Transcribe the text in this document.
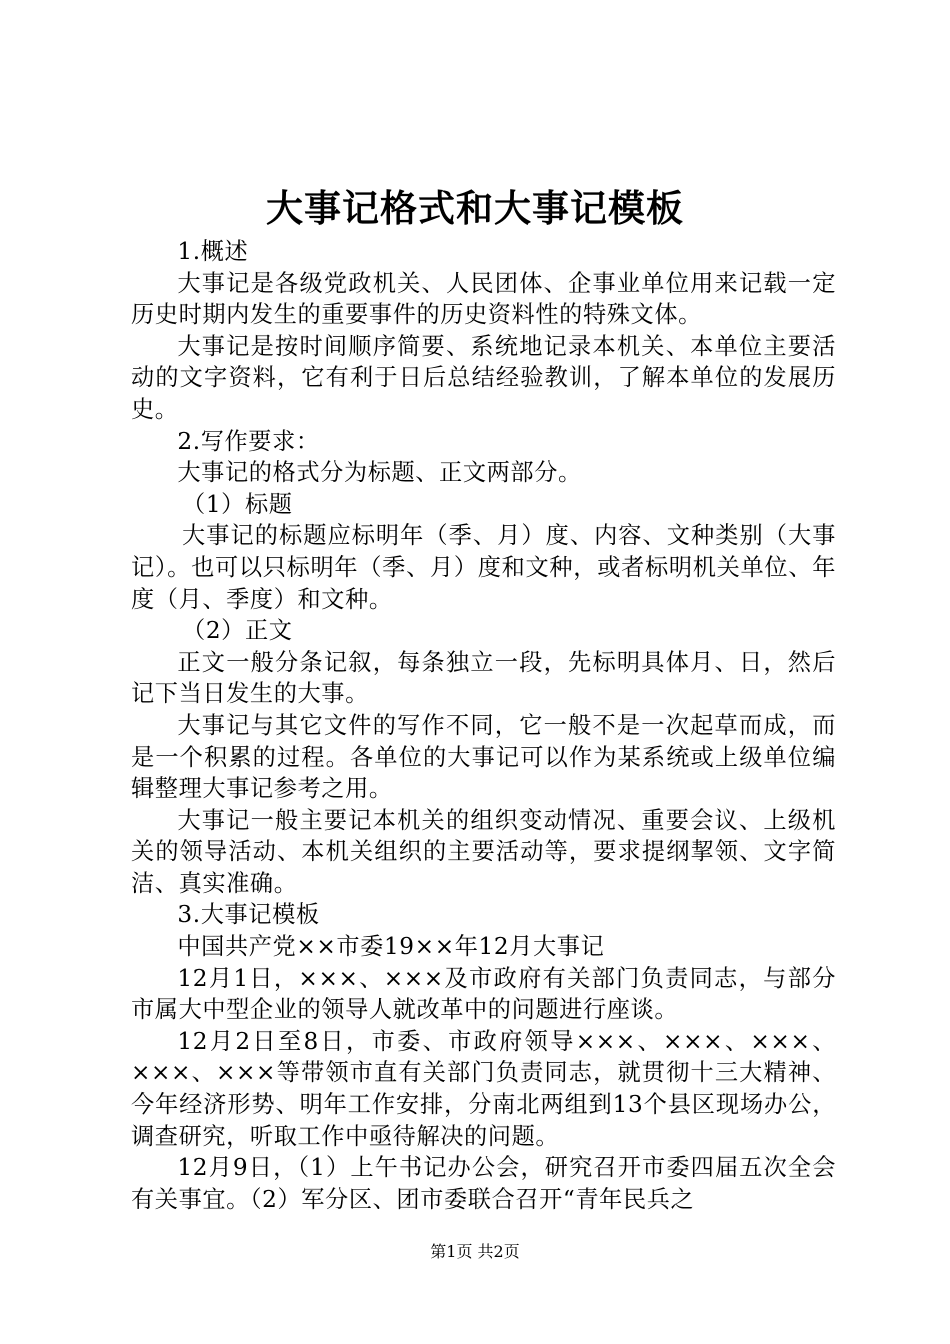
大事记格式和大事记模板

1.概述

大事记是各级党政机关、人民团体、企事业单位用来记载一定历史时期内发生的重要事件的历史资料性的特殊文体。

大事记是按时间顺序简要、系统地记录本机关、本单位主要活动的文字资料，它有利于日后总结经验教训，了解本单位的发展历史。

2.写作要求：

大事记的格式分为标题、正文两部分。

（1）标题

大事记的标题应标明年（季、月）度、内容、文种类别（大事记）。也可以只标明年（季、月）度和文种，或者标明机关单位、年度（月、季度）和文种。

（2）正文

正文一般分条记叙，每条独立一段，先标明具体月、日，然后记下当日发生的大事。

大事记与其它文件的写作不同，它一般不是一次起草而成，而是一个积累的过程。各单位的大事记可以作为某系统或上级单位编辑整理大事记参考之用。

大事记一般主要记本机关的组织变动情况、重要会议、上级机关的领导活动、本机关组织的主要活动等，要求提纲挈领、文字简洁、真实准确。

3.大事记模板

中国共产党××市委19××年12月大事记

12月1日，×××、×××及市政府有关部门负责同志，与部分市属大中型企业的领导人就改革中的问题进行座谈。

12月2日至8日，市委、市政府领导×××、×××、×××、×××、×××等带领市直有关部门负责同志，就贯彻十三大精神、今年经济形势、明年工作安排，分南北两组到13个县区现场办公，调查研究，听取工作中亟待解决的问题。

12月9日，（1）上午书记办公会，研究召开市委四届五次全会有关事宜。（2）军分区、团市委联合召开“青年民兵之

第1页 共2页
